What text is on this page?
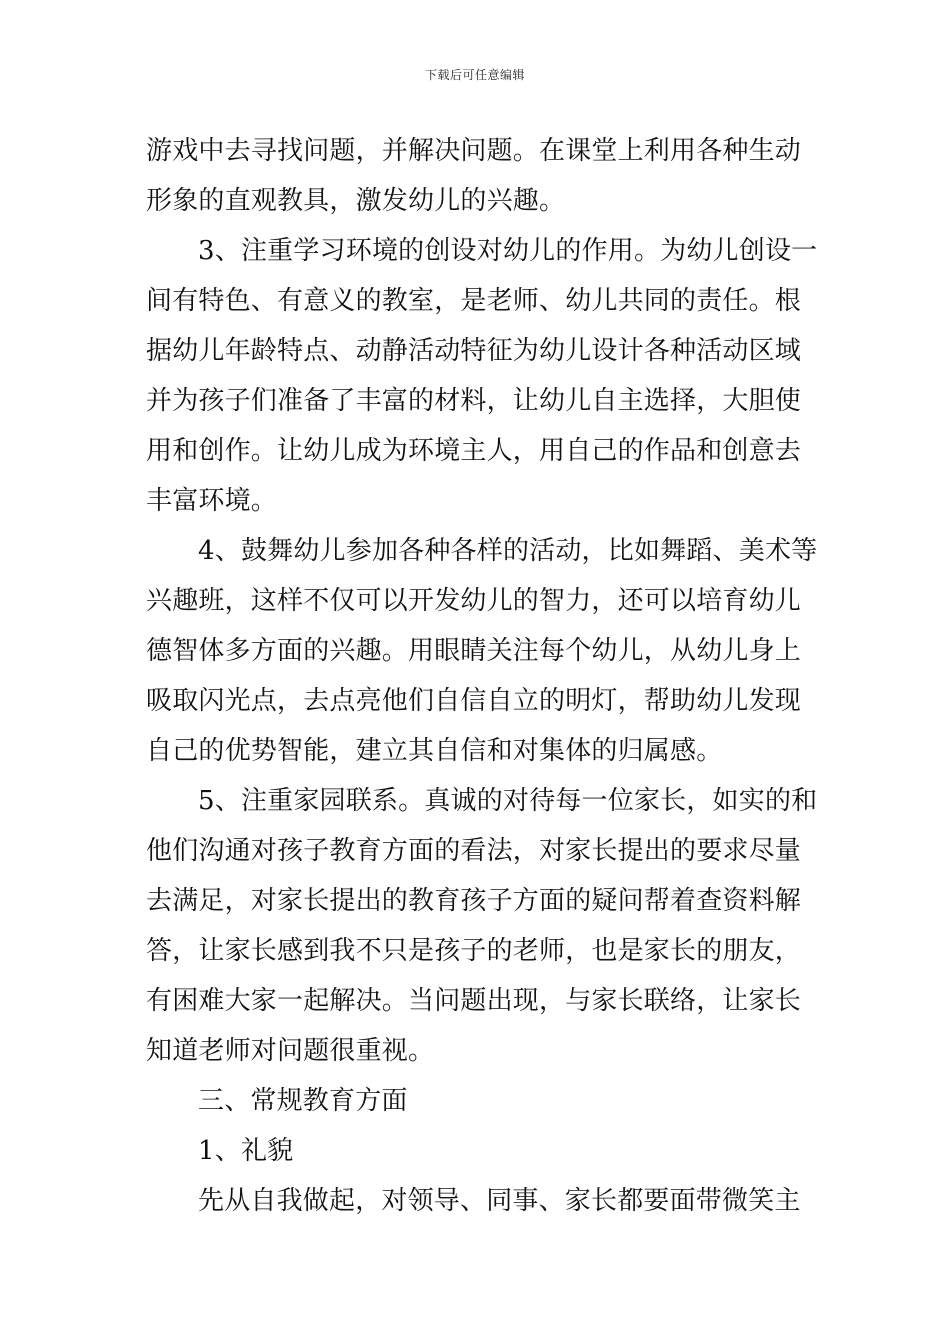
下载后可任意编辑
游戏中去寻找问题，并解决问题。在课堂上利用各种生动
形象的直观教具，激发幼儿的兴趣。
3、注重学习环境的创设对幼儿的作用。为幼儿创设一
间有特色、有意义的教室，是老师、幼儿共同的责任。根
据幼儿年龄特点、动静活动特征为幼儿设计各种活动区域
并为孩子们准备了丰富的材料，让幼儿自主选择，大胆使
用和创作。让幼儿成为环境主人，用自己的作品和创意去
丰富环境。
4、鼓舞幼儿参加各种各样的活动，比如舞蹈、美术等
兴趣班，这样不仅可以开发幼儿的智力，还可以培育幼儿
德智体多方面的兴趣。用眼睛关注每个幼儿，从幼儿身上
吸取闪光点，去点亮他们自信自立的明灯，帮助幼儿发现
自己的优势智能，建立其自信和对集体的归属感。
5、注重家园联系。真诚的对待每一位家长，如实的和
他们沟通对孩子教育方面的看法，对家长提出的要求尽量
去满足，对家长提出的教育孩子方面的疑问帮着查资料解
答，让家长感到我不只是孩子的老师，也是家长的朋友，
有困难大家一起解决。当问题出现，与家长联络，让家长
知道老师对问题很重视。
三、常规教育方面
1、礼貌
先从自我做起，对领导、同事、家长都要面带微笑主
